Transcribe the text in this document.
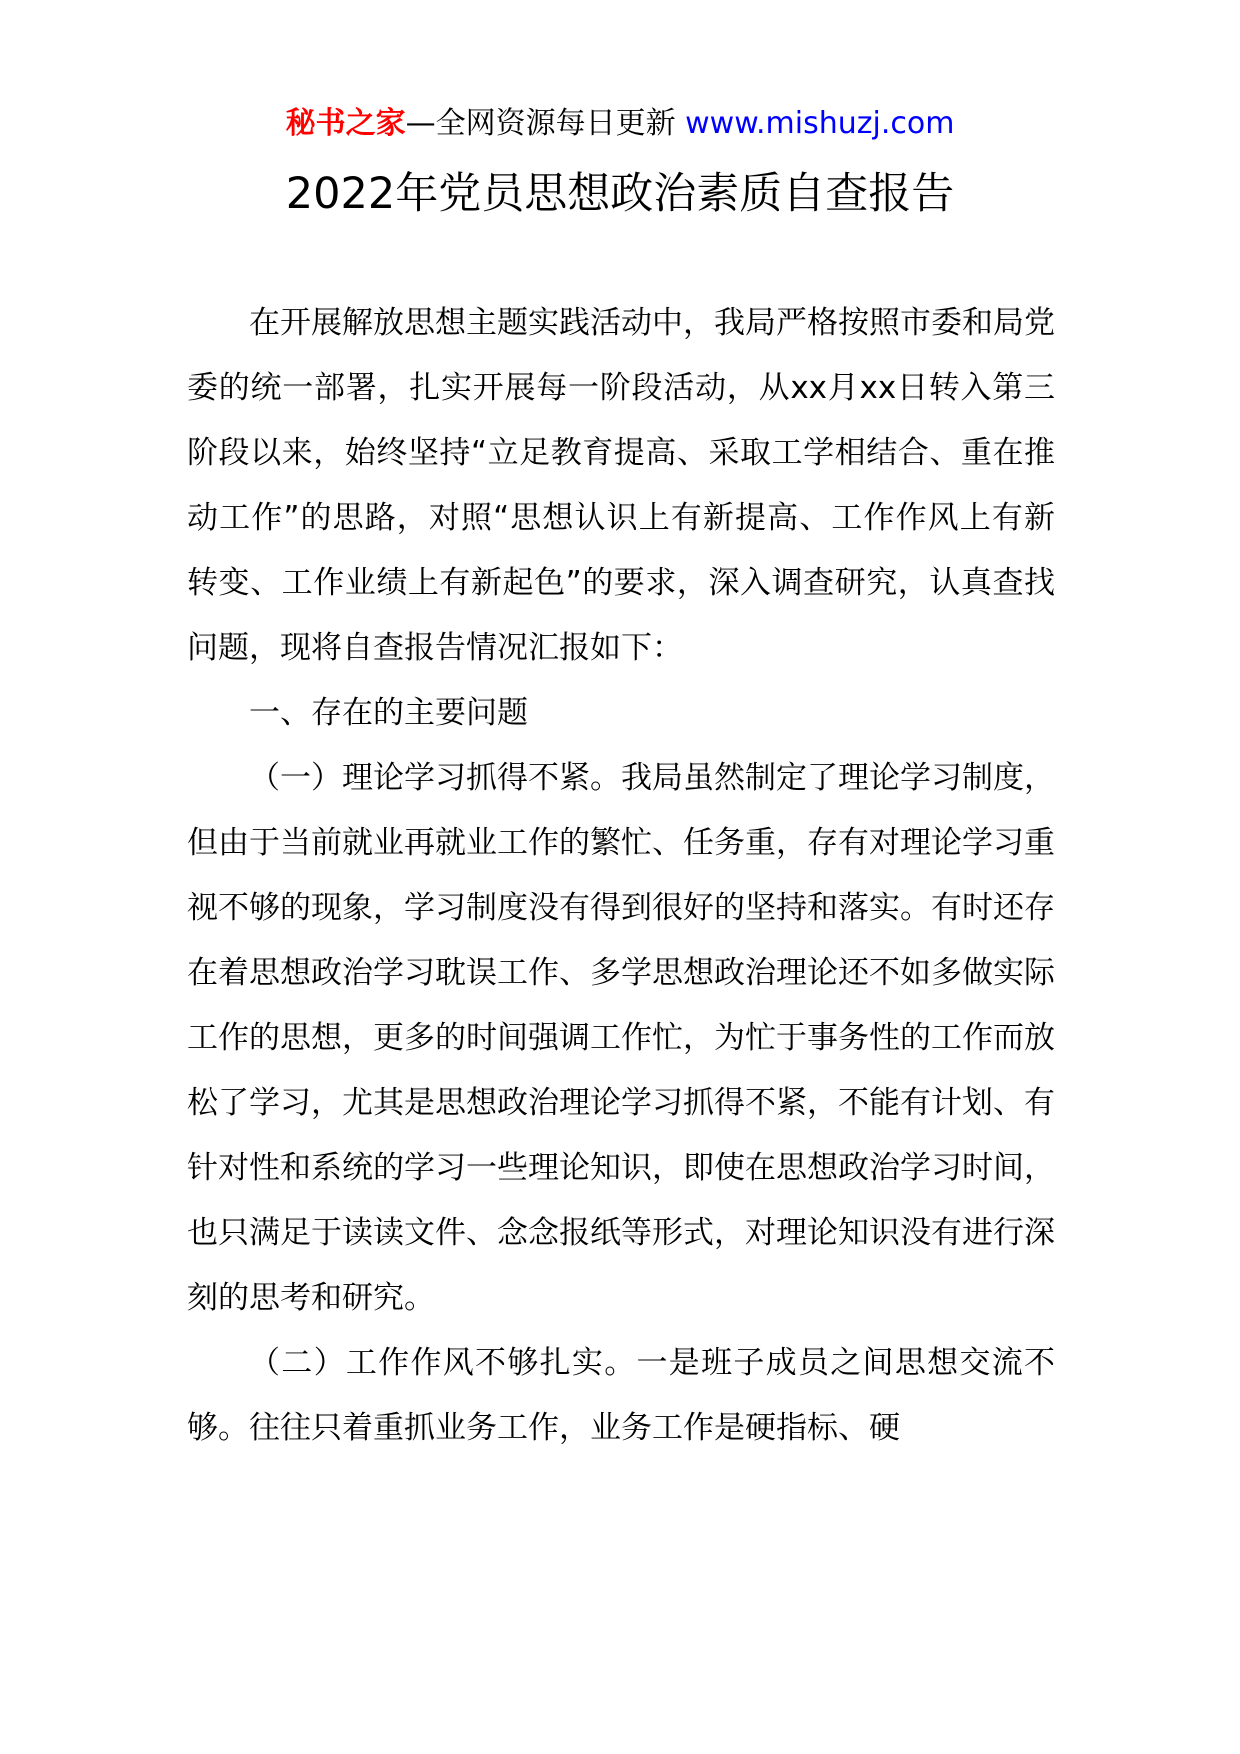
秘书之家—全网资源每日更新 www.mishuzj.com
2022年党员思想政治素质自查报告

在开展解放思想主题实践活动中，我局严格按照市委和局党委的统一部署，扎实开展每一阶段活动，从xx月xx日转入第三阶段以来，始终坚持“立足教育提高、采取工学相结合、重在推动工作”的思路，对照“思想认识上有新提高、工作作风上有新转变、工作业绩上有新起色”的要求，深入调查研究，认真查找问题，现将自查报告情况汇报如下：

一、存在的主要问题

（一）理论学习抓得不紧。我局虽然制定了理论学习制度，但由于当前就业再就业工作的繁忙、任务重，存有对理论学习重视不够的现象，学习制度没有得到很好的坚持和落实。有时还存在着思想政治学习耽误工作、多学思想政治理论还不如多做实际工作的思想，更多的时间强调工作忙，为忙于事务性的工作而放松了学习，尤其是思想政治理论学习抓得不紧，不能有计划、有针对性和系统的学习一些理论知识，即使在思想政治学习时间，也只满足于读读文件、念念报纸等形式，对理论知识没有进行深刻的思考和研究。

（二）工作作风不够扎实。一是班子成员之间思想交流不够。往往只着重抓业务工作，业务工作是硬指标、硬
